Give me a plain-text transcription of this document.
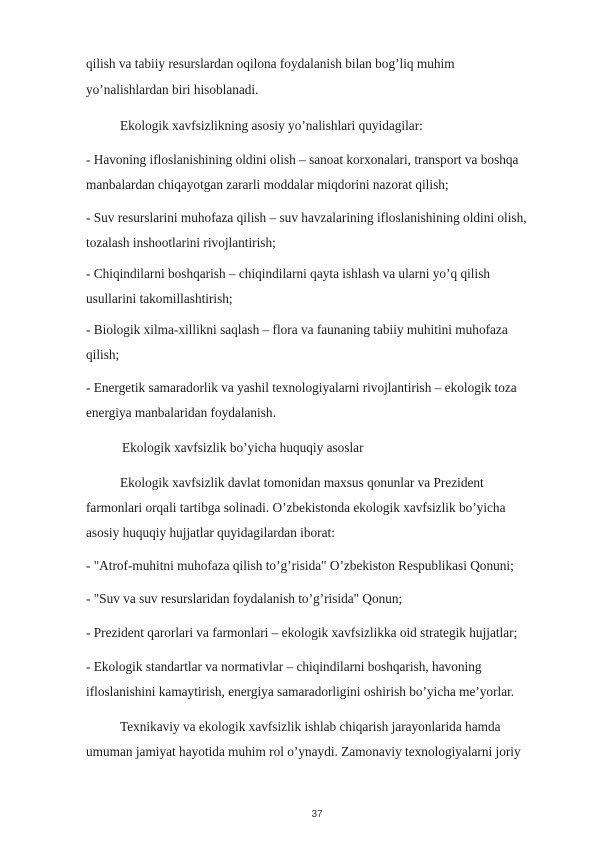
qilish va tabiiy resurslardan oqilona foydalanish bilan bog’liq muhim
yo’nalishlardan biri hisoblanadi.
Ekologik xavfsizlikning asosiy yo’nalishlari quyidagilar:
- Havoning ifloslanishining oldini olish – sanoat korxonalari, transport va boshqa
manbalardan chiqayotgan zararli moddalar miqdorini nazorat qilish;
- Suv resurslarini muhofaza qilish – suv havzalarining ifloslanishining oldini olish,
tozalash inshootlarini rivojlantirish;
- Chiqindilarni boshqarish – chiqindilarni qayta ishlash va ularni yo’q qilish
usullarini takomillashtirish;
- Biologik xilma-xillikni saqlash – flora va faunaning tabiiy muhitini muhofaza
qilish;
- Energetik samaradorlik va yashil texnologiyalarni rivojlantirish – ekologik toza
energiya manbalaridan foydalanish.
Ekologik xavfsizlik bo’yicha huquqiy asoslar
Ekologik xavfsizlik davlat tomonidan maxsus qonunlar va Prezident
farmonlari orqali tartibga solinadi. O’zbekistonda ekologik xavfsizlik bo’yicha
asosiy huquqiy hujjatlar quyidagilardan iborat:
- "Atrof-muhitni muhofaza qilish to’g’risida" O’zbekiston Respublikasi Qonuni;
- "Suv va suv resurslaridan foydalanish to’g’risida" Qonun;
- Prezident qarorlari va farmonlari – ekologik xavfsizlikka oid strategik hujjatlar;
- Ekologik standartlar va normativlar – chiqindilarni boshqarish, havoning
ifloslanishini kamaytirish, energiya samaradorligini oshirish bo’yicha me’yorlar.
Texnikaviy va ekologik xavfsizlik ishlab chiqarish jarayonlarida hamda
umuman jamiyat hayotida muhim rol o’ynaydi. Zamonaviy texnologiyalarni joriy
37
